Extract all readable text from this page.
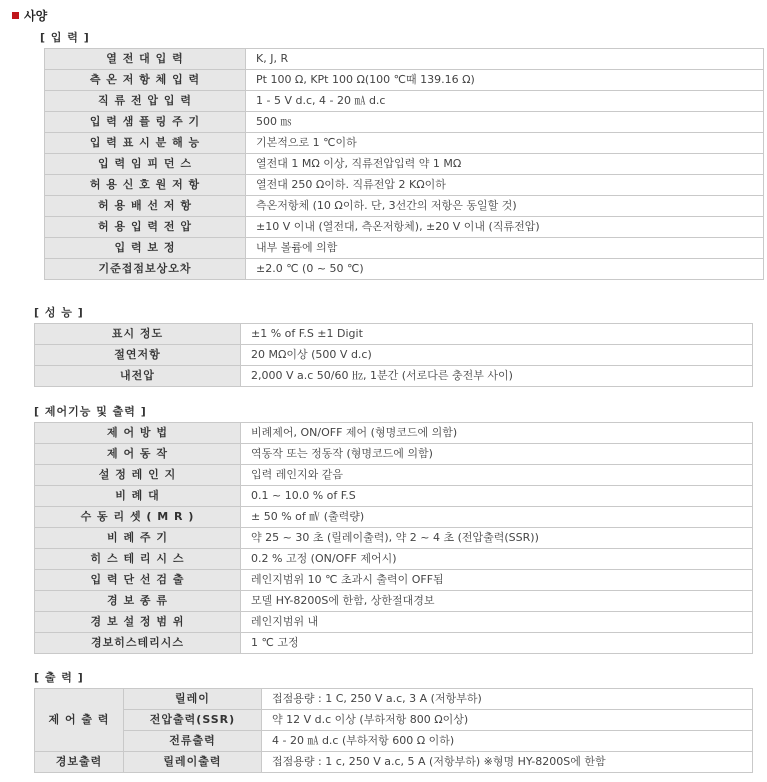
사양
[ 입 력 ]
열 전 대 입 력	K, J, R
측 온 저 항 체 입 력	Pt 100 Ω, KPt 100 Ω(100 ℃때 139.16 Ω)
직 류 전 압 입 력	1 - 5 V d.c, 4 - 20 ㎃ d.c
입 력 샘 플 링 주 기	500 ㎳
입 력 표 시 분 해 능	기본적으로 1 ℃이하
입 력 임 피 던 스	열전대 1 MΩ 이상, 직류전압입력 약 1 MΩ
허 용 신 호 원 저 항	열전대 250 Ω이하. 직류전압 2 KΩ이하
허 용 배 선 저 항	측온저항체 (10 Ω이하. 단, 3선간의 저항은 동일할 것)
허 용 입 력 전 압	±10 V 이내 (열전대, 측온저항체), ±20 V 이내 (직류전압)
입 력 보 정	내부 볼륨에 의함
기준접점보상오차	±2.0 ℃ (0 ~ 50 ℃)
[ 성 능 ]
표시 정도	±1 % of F.S ±1 Digit
절연저항	20 MΩ이상 (500 V d.c)
내전압	2,000 V a.c 50/60 ㎐, 1분간 (서로다른 충전부 사이)
[ 제어기능 및 출력 ]
제 어 방 법	비례제어, ON/OFF 제어 (형명코드에 의함)
제 어 동 작	역동작 또는 정동작 (형명코드에 의함)
설 정 레 인 지	입력 레인지와 같음
비 례 대	0.1 ~ 10.0 % of F.S
수 동 리 셋 ( M R )	± 50 % of ㎷ (출력량)
비 례 주 기	약 25 ~ 30 초 (릴레이출력), 약 2 ~ 4 초 (전압출력(SSR))
히 스 테 리 시 스	0.2 % 고정 (ON/OFF 제어시)
입 력 단 선 검 출	레인지범위 10 ℃ 초과시 출력이 OFF됨
경 보 종 류	모델 HY-8200S에 한함, 상한절대경보
경 보 설 정 범 위	레인지범위 내
경보히스테리시스	1 ℃ 고정
[ 출 력 ]
제 어 출 력	릴레이	접점용량 : 1 C, 250 V a.c, 3 A (저항부하)
	전압출력(SSR)	약 12 V d.c 이상 (부하저항 800 Ω이상)
	전류출력	4 - 20 ㎃ d.c (부하저항 600 Ω 이하)
경보출력	릴레이출력	접점용량 : 1 c, 250 V a.c, 5 A (저항부하) ※형명 HY-8200S에 한함
